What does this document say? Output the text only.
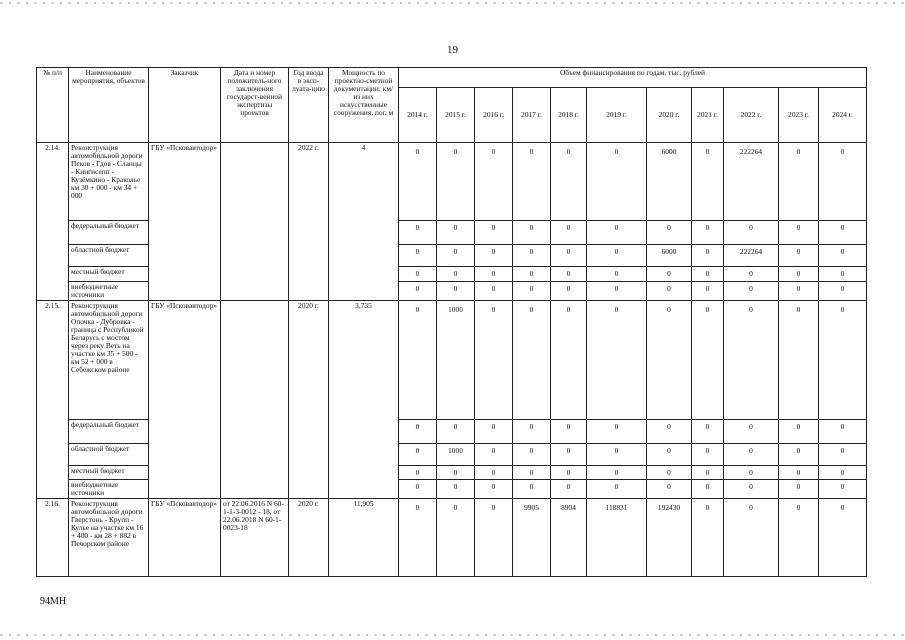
19
№ п/п	Наименование мероприятия, объектов	Заказчик	Дата и номер положитель-ного заключения государст-венной экспертизы проектов	Год ввода в эксп-луата-цию	Мощность по проектно-сметной документации: км/из них искусственные сооружения, пог. м	Объем финансирования по годам, тыс. рублей										
						2014 г.	2015 г.	2016 г.	2017 г.	2018 г.	2019 г.	2020 г.	2021 г.	2022 г.	2023 г.	2024 г.
2.14.	Реконструкция автомобильной дороги Псков - Гдов - Сланцы - Кингисепп - Кузёмкино - Краколье км 30 + 000 - км 34 + 000	ГБУ «Псковавтодор»		2022 г.	4	0	0	0	0	0	0	6000	0	222264	0	0
	федеральный бюджет					0	0	0	0	0	0	0	0	0	0	0
	областной бюджет					0	0	0	0	0	0	6000	0	222264	0	0
	местный бюджет					0	0	0	0	0	0	0	0	0	0	0
	внебюджетные источники					0	0	0	0	0	0	0	0	0	0	0
2.15.	Реконструкция автомобильной дороги Опочка - Дубровка - граница с Республикой Беларусь с мостом через реку Веть на участке км 35 + 500 - км 52 + 000 в Себежском районе	ГБУ «Псковавтодор»		2020 г.	3,735	0	1000	0	0	0	0	0	0	0	0	0
	федеральный бюджет					0	0	0	0	0	0	0	0	0	0	0
	областной бюджет					0	1000	0	0	0	0	0	0	0	0	0
	местный бюджет					0	0	0	0	0	0	0	0	0	0	0
	внебюджетные источники					0	0	0	0	0	0	0	0	0	0	0
2.16.	Реконструкция автомобильной дороги Гверстонь - Крупп - Кулье на участке км 16 + 400 - км 28 + 882 в Печорском районе	ГБУ «Псковавтодор»	от 22.06.2016 N 60-1-1-3-0012 - 18, от 22.06.2018 N 60-1-0023-18	2020 г.	11,905	0	0	0	9905	8904	118831	192430	0	0	0	0
94МН
